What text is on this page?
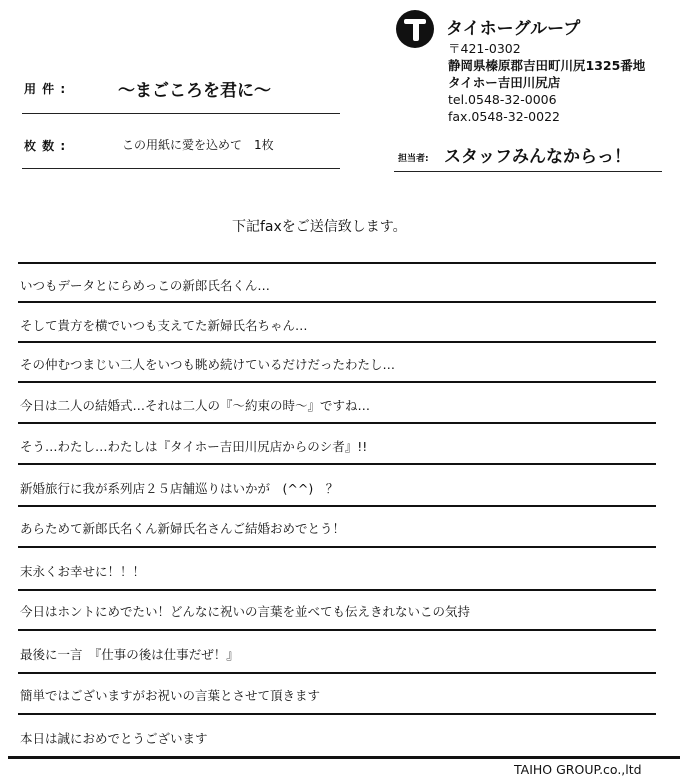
用 件 :	〜まごころを君に〜
枚 数 :	この用紙に愛を込めて　1枚
タイホーグループ
〒421-0302
静岡県榛原郡吉田町川尻1325番地
タイホー吉田川尻店
tel.0548-32-0006
fax.0548-32-0022
担当者: スタッフみんなからっ！
下記faxをご送信致します。
いつもデータとにらめっこの新郎氏名くん…
そして貴方を横でいつも支えてた新婦氏名ちゃん…
その仲むつまじい二人をいつも眺め続けているだけだったわたし…
今日は二人の結婚式…それは二人の『〜約束の時〜』ですね…
そう…わたし…わたしは『タイホー吉田川尻店からのシ者』!!
新婚旅行に我が系列店２５店舗巡りはいかが　(^^)　？
あらためて新郎氏名くん新婦氏名さんご結婚おめでとう！
末永くお幸せに！！！
今日はホントにめでたい！どんなに祝いの言葉を並べても伝えきれないこの気持
最後に一言　『仕事の後は仕事だぜ！』
簡単ではございますがお祝いの言葉とさせて頂きます
本日は誠におめでとうございます
TAIHO GROUP.co.,ltd
